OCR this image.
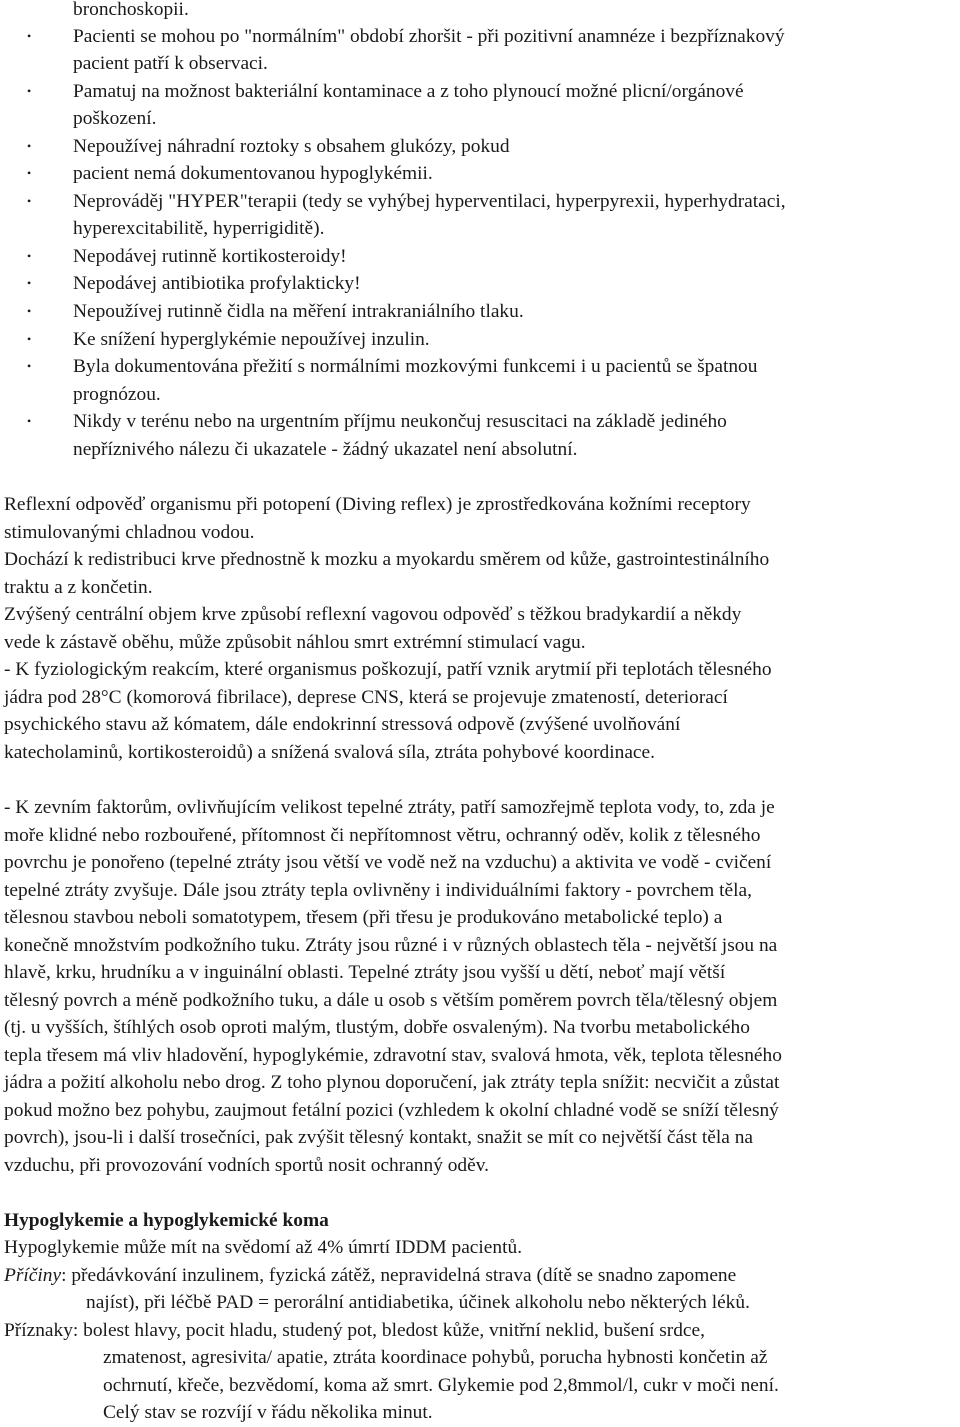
bronchoskopii.
• Pacienti se mohou po "normálním" období zhoršit - při pozitivní anamnéze i bezpříznakový
pacient patří k observaci.
• Pamatuj na možnost bakteriální kontaminace a z toho plynoucí možné plicní/orgánové
poškození.
• Nepoužívej náhradní roztoky s obsahem glukózy, pokud
• pacient nemá dokumentovanou hypoglykémii.
• Neprováděj "HYPER"terapii (tedy se vyhýbej hyperventilaci, hyperpyrexii, hyperhydrataci,
hyperexcitabilitě, hyperrigiditě).
• Nepodávej rutinně kortikosteroidy!
• Nepodávej antibiotika profylakticky!
• Nepoužívej rutinně čidla na měření intrakraniálního tlaku.
• Ke snížení hyperglykémie nepoužívej inzulin.
• Byla dokumentována přežití s normálními mozkovými funkcemi i u pacientů se špatnou
prognózou.
• Nikdy v terénu nebo na urgentním příjmu neukončuj resuscitaci na základě jediného
nepříznivého nálezu či ukazatele - žádný ukazatel není absolutní.
Reflexní odpověď organismu při potopení (Diving reflex) je zprostředkována kožními receptory
stimulovanými chladnou vodou.
Dochází k redistribuci krve přednostně k mozku a myokardu směrem od kůže, gastrointestinálního
traktu a z končetin.
Zvýšený centrální objem krve způsobí reflexní vagovou odpověď s těžkou bradykardií a někdy
vede k zástavě oběhu, může způsobit náhlou smrt extrémní stimulací vagu.
- K fyziologickým reakcím, které organismus poškozují, patří vznik arytmií při teplotách tělesného
jádra pod 28°C (komorová fibrilace), deprese CNS, která se projevuje zmateností, deteriorací
psychického stavu až kómatem, dále endokrinní stressová odpově (zvýšené uvolňování
katecholaminů, kortikosteroidů) a snížená svalová síla, ztráta pohybové koordinace.
- K zevním faktorům, ovlivňujícím velikost tepelné ztráty, patří samozřejmě teplota vody, to, zda je
moře klidné nebo rozbouřené, přítomnost či nepřítomnost větru, ochranný oděv, kolik z tělesného
povrchu je ponořeno (tepelné ztráty jsou větší ve vodě než na vzduchu) a aktivita ve vodě - cvičení
tepelné ztráty zvyšuje. Dále jsou ztráty tepla ovlivněny i individuálními faktory - povrchem těla,
tělesnou stavbou neboli somatotypem, třesem (při třesu je produkováno metabolické teplo) a
konečně množstvím podkožního tuku. Ztráty jsou různé i v různých oblastech těla - největší jsou na
hlavě, krku, hrudníku a v inguinální oblasti. Tepelné ztráty jsou vyšší u dětí, neboť mají větší
tělesný povrch a méně podkožního tuku, a dále u osob s větším poměrem povrch těla/tělesný objem
(tj. u vyšších, štíhlých osob oproti malým, tlustým, dobře osvaleným). Na tvorbu metabolického
tepla třesem má vliv hladovění, hypoglykémie, zdravotní stav, svalová hmota, věk, teplota tělesného
jádra a požití alkoholu nebo drog. Z toho plynou doporučení, jak ztráty tepla snížit: necvičit a zůstat
pokud možno bez pohybu, zaujmout fetální pozici (vzhledem k okolní chladné vodě se sníží tělesný
povrch), jsou-li i další trosečníci, pak zvýšit tělesný kontakt, snažit se mít co největší část těla na
vzduchu, při provozování vodních sportů nosit ochranný oděv.
Hypoglykemie a hypoglykemické koma
Hypoglykemie může mít na svědomí až 4% úmrtí IDDM pacientů.
Příčiny: předávkování inzulinem, fyzická zátěž, nepravidelná strava (dítě se snadno zapomene
najíst), při léčbě PAD = perorální antidiabetika, účinek alkoholu nebo některých léků.
Příznaky: bolest hlavy, pocit hladu, studený pot, bledost kůže, vnitřní neklid, bušení srdce,
zmatenost, agresivita/ apatie, ztráta koordinace pohybů, porucha hybnosti končetin až
ochrnutí, křeče, bezvědomí, koma až smrt. Glykemie pod 2,8mmol/l, cukr v moči není.
Celý stav se rozvíjí v řádu několika minut.
